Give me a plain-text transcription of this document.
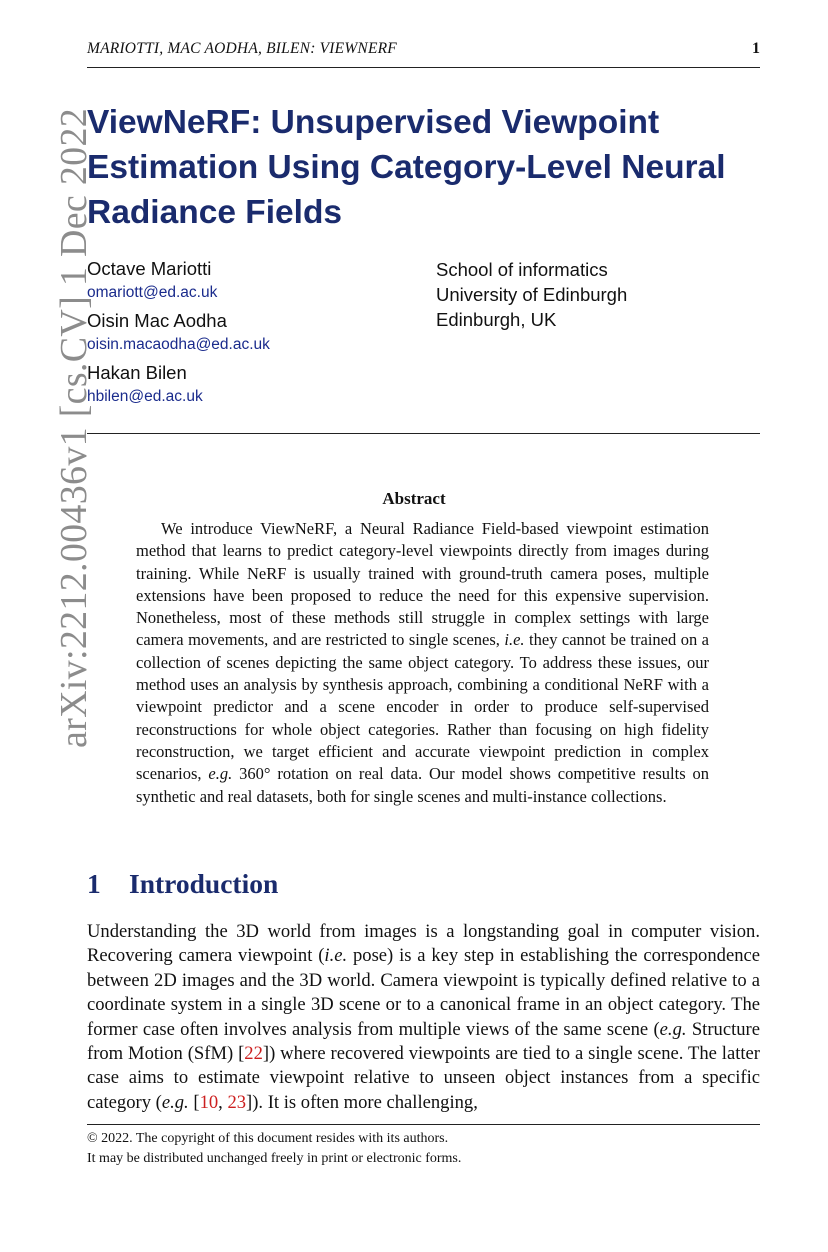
MARIOTTI, MAC AODHA, BILEN: VIEWNERF	1
arXiv:2212.00436v1 [cs.CV] 1 Dec 2022
ViewNeRF: Unsupervised Viewpoint Estimation Using Category-Level Neural Radiance Fields
Octave Mariotti
omariott@ed.ac.uk
Oisin Mac Aodha
oisin.macaodha@ed.ac.uk
Hakan Bilen
hbilen@ed.ac.uk
School of informatics
University of Edinburgh
Edinburgh, UK
Abstract

We introduce ViewNeRF, a Neural Radiance Field-based viewpoint estimation method that learns to predict category-level viewpoints directly from images during training. While NeRF is usually trained with ground-truth camera poses, multiple extensions have been proposed to reduce the need for this expensive supervision. Nonetheless, most of these methods still struggle in complex settings with large camera movements, and are restricted to single scenes, i.e. they cannot be trained on a collection of scenes depicting the same object category. To address these issues, our method uses an analysis by synthesis approach, combining a conditional NeRF with a viewpoint predictor and a scene encoder in order to produce self-supervised reconstructions for whole object categories. Rather than focusing on high fidelity reconstruction, we target efficient and accurate viewpoint prediction in complex scenarios, e.g. 360° rotation on real data. Our model shows competitive results on synthetic and real datasets, both for single scenes and multi-instance collections.

1 Introduction

Understanding the 3D world from images is a longstanding goal in computer vision. Recovering camera viewpoint (i.e. pose) is a key step in establishing the correspondence between 2D images and the 3D world. Camera viewpoint is typically defined relative to a coordinate system in a single 3D scene or to a canonical frame in an object category. The former case often involves analysis from multiple views of the same scene (e.g. Structure from Motion (SfM) [22]) where recovered viewpoints are tied to a single scene. The latter case aims to estimate viewpoint relative to unseen object instances from a specific category (e.g. [10, 23]). It is often more challenging,

© 2022. The copyright of this document resides with its authors.
It may be distributed unchanged freely in print or electronic forms.
